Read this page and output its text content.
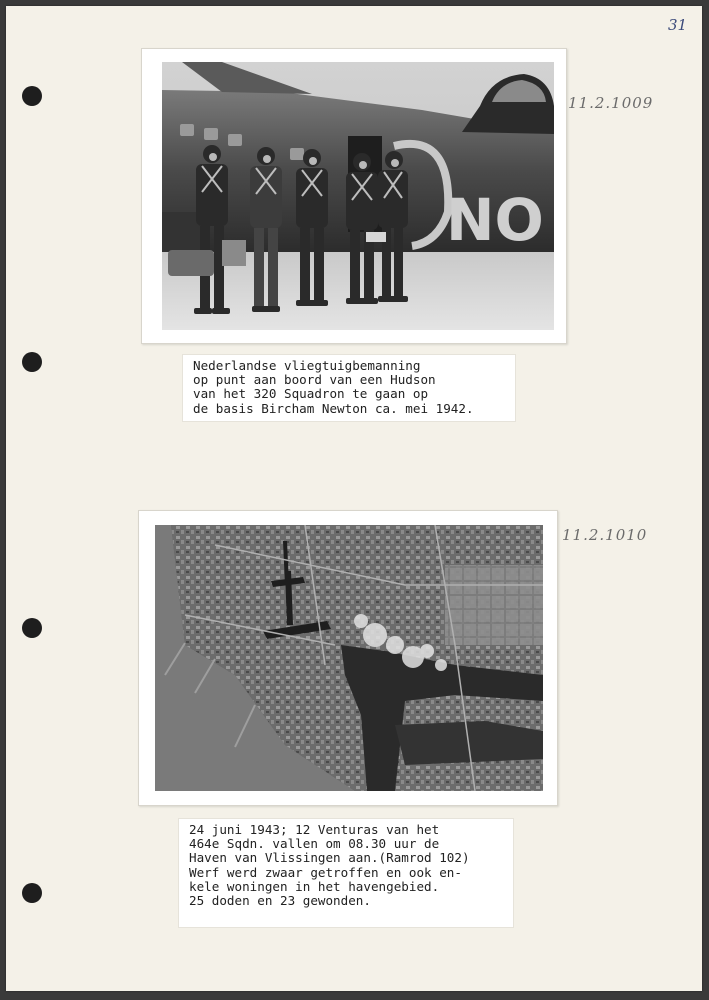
31
NO
11.2.1009
Nederlandse vliegtuigbemanning
op punt aan boord van een Hudson
van het 320 Squadron te gaan op
de basis Bircham Newton ca. mei 1942.
11.2.1010
24 juni 1943; 12 Venturas van het
464e Sqdn. vallen om 08.30 uur de
Haven van Vlissingen aan.(Ramrod 102)
Werf werd zwaar getroffen en ook en-
kele woningen in het havengebied.
25 doden en 23 gewonden.
